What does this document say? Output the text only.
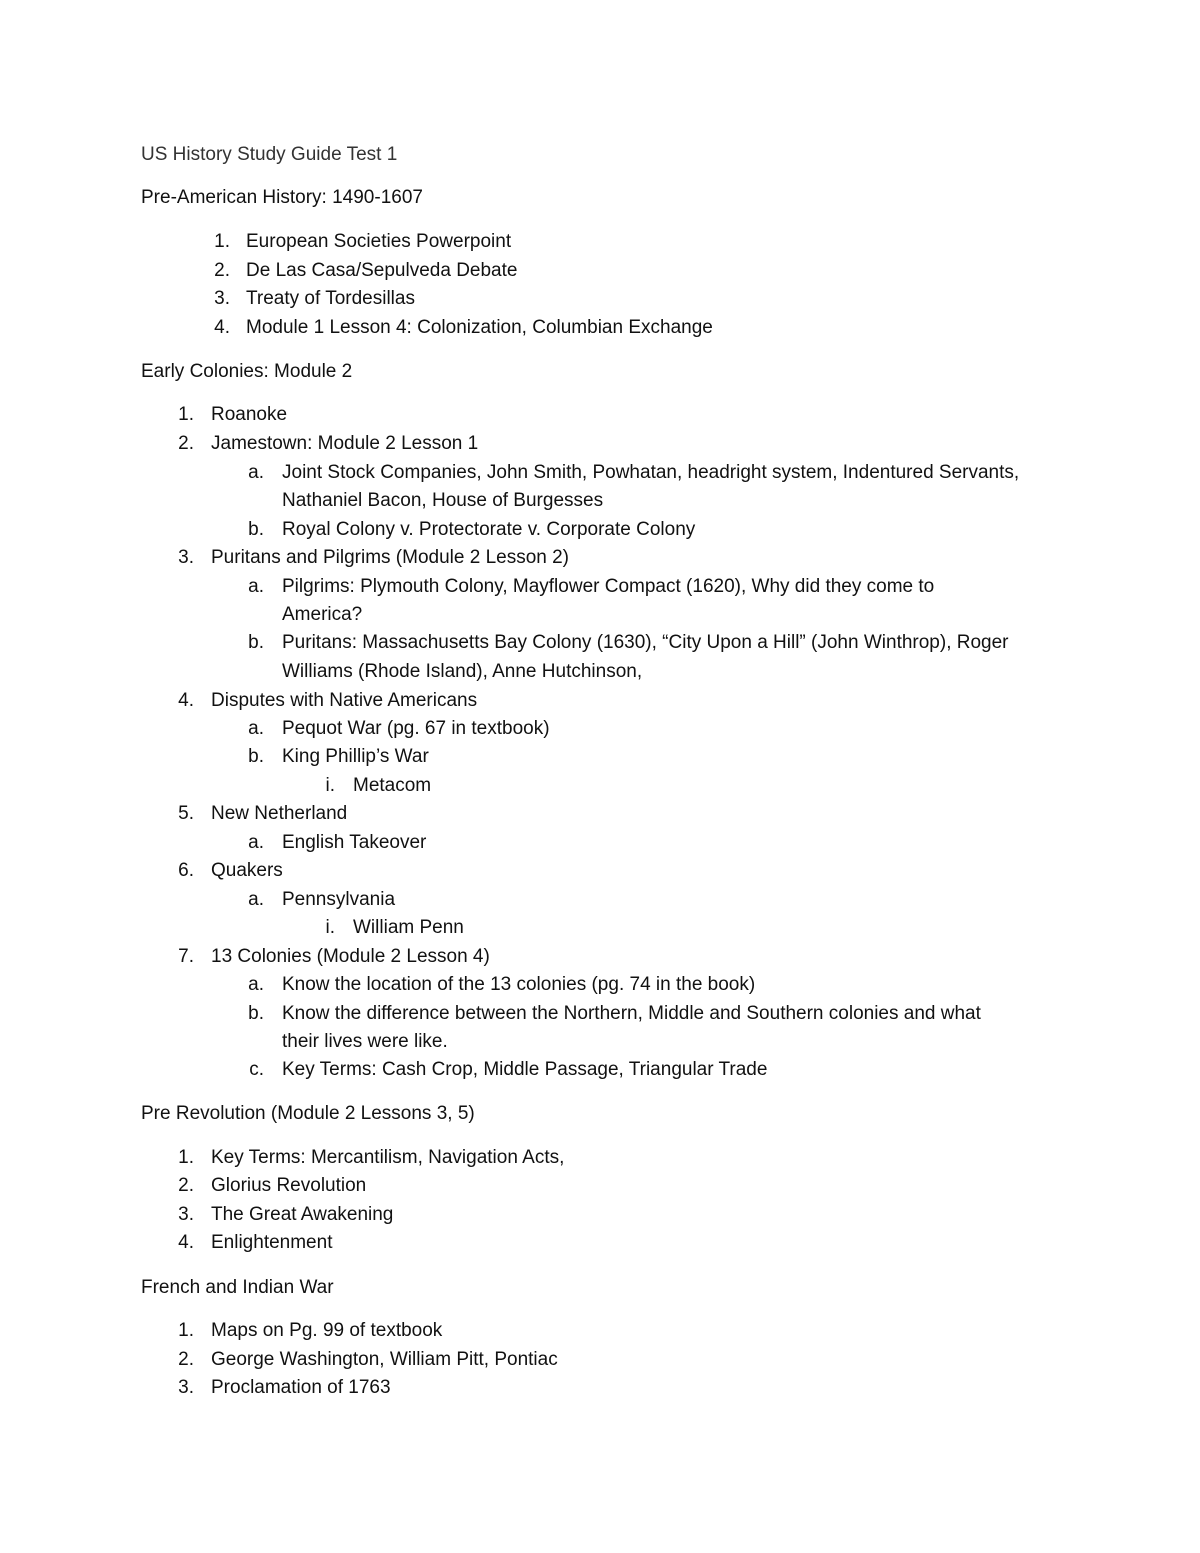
US History Study Guide Test 1
Pre-American History: 1490-1607
1. European Societies Powerpoint
2. De Las Casa/Sepulveda Debate
3. Treaty of Tordesillas
4. Module 1 Lesson 4: Colonization, Columbian Exchange
Early Colonies: Module 2
1. Roanoke
2. Jamestown: Module 2 Lesson 1
a. Joint Stock Companies, John Smith, Powhatan, headright system, Indentured Servants,
Nathaniel Bacon, House of Burgesses
b. Royal Colony v. Protectorate v. Corporate Colony
3. Puritans and Pilgrims (Module 2 Lesson 2)
a. Pilgrims: Plymouth Colony, Mayflower Compact (1620), Why did they come to
America?
b. Puritans: Massachusetts Bay Colony (1630), “City Upon a Hill” (John Winthrop), Roger
Williams (Rhode Island), Anne Hutchinson,
4. Disputes with Native Americans
a. Pequot War (pg. 67 in textbook)
b. King Phillip’s War
i. Metacom
5. New Netherland
a. English Takeover
6. Quakers
a. Pennsylvania
i. William Penn
7. 13 Colonies (Module 2 Lesson 4)
a. Know the location of the 13 colonies (pg. 74 in the book)
b. Know the difference between the Northern, Middle and Southern colonies and what
their lives were like.
c. Key Terms: Cash Crop, Middle Passage, Triangular Trade
Pre Revolution (Module 2 Lessons 3, 5)
1. Key Terms: Mercantilism, Navigation Acts,
2. Glorius Revolution
3. The Great Awakening
4. Enlightenment
French and Indian War
1. Maps on Pg. 99 of textbook
2. George Washington, William Pitt, Pontiac
3. Proclamation of 1763
